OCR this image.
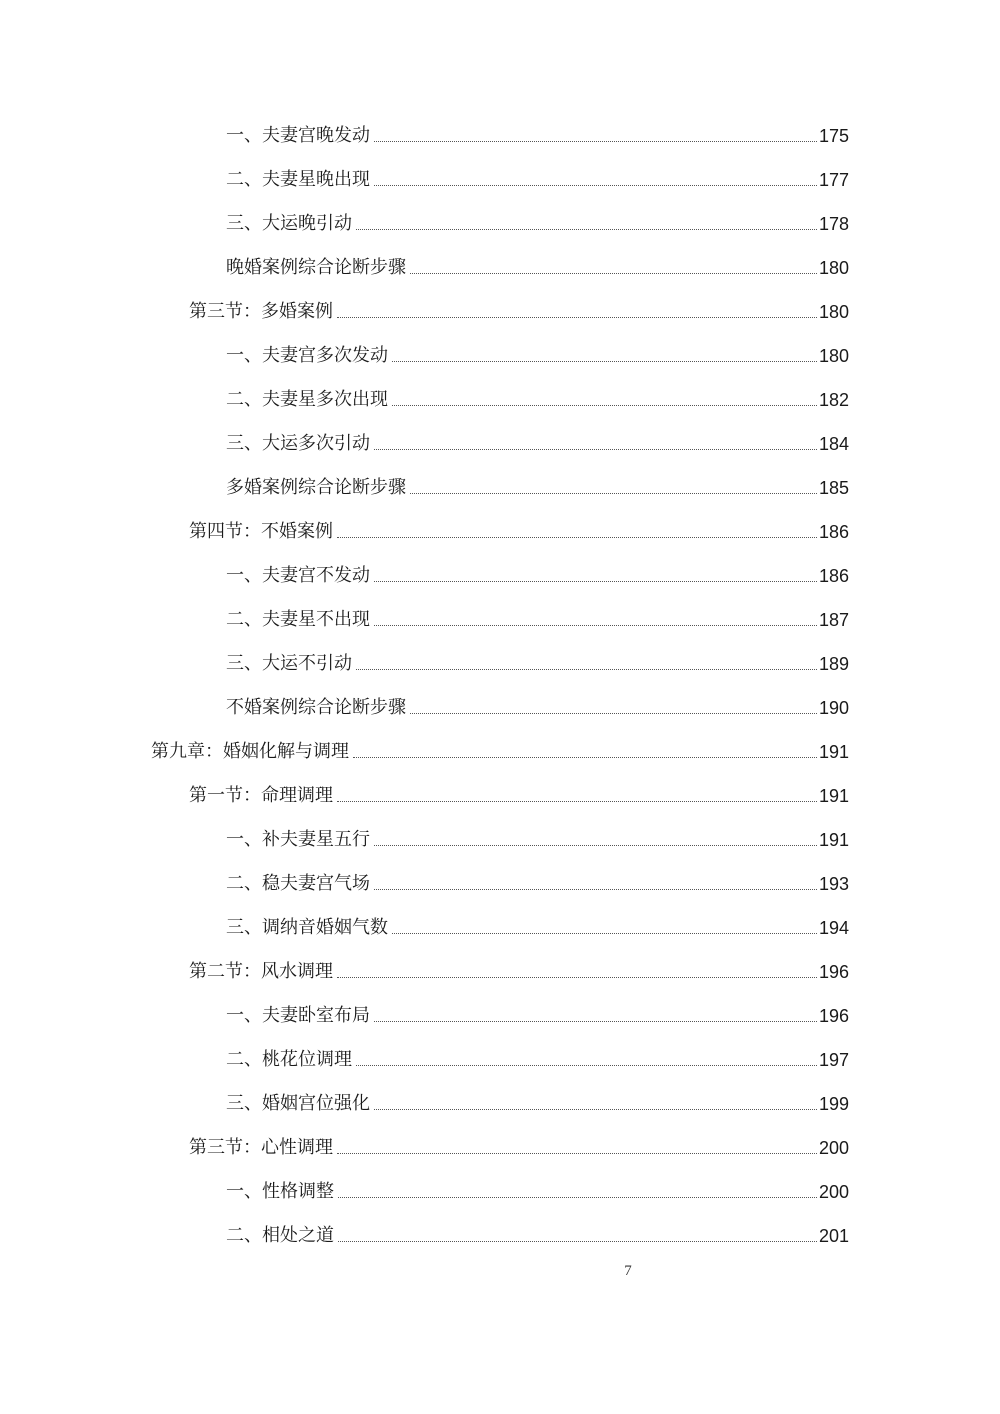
一、夫妻宫晚发动	175
二、夫妻星晚出现	177
三、大运晚引动	178
晚婚案例综合论断步骤	180
第三节：多婚案例	180
一、夫妻宫多次发动	180
二、夫妻星多次出现	182
三、大运多次引动	184
多婚案例综合论断步骤	185
第四节：不婚案例	186
一、夫妻宫不发动	186
二、夫妻星不出现	187
三、大运不引动	189
不婚案例综合论断步骤	190
第九章：婚姻化解与调理	191
第一节：命理调理	191
一、补夫妻星五行	191
二、稳夫妻宫气场	193
三、调纳音婚姻气数	194
第二节：风水调理	196
一、夫妻卧室布局	196
二、桃花位调理	197
三、婚姻宫位强化	199
第三节：心性调理	200
一、性格调整	200
二、相处之道	201
7
